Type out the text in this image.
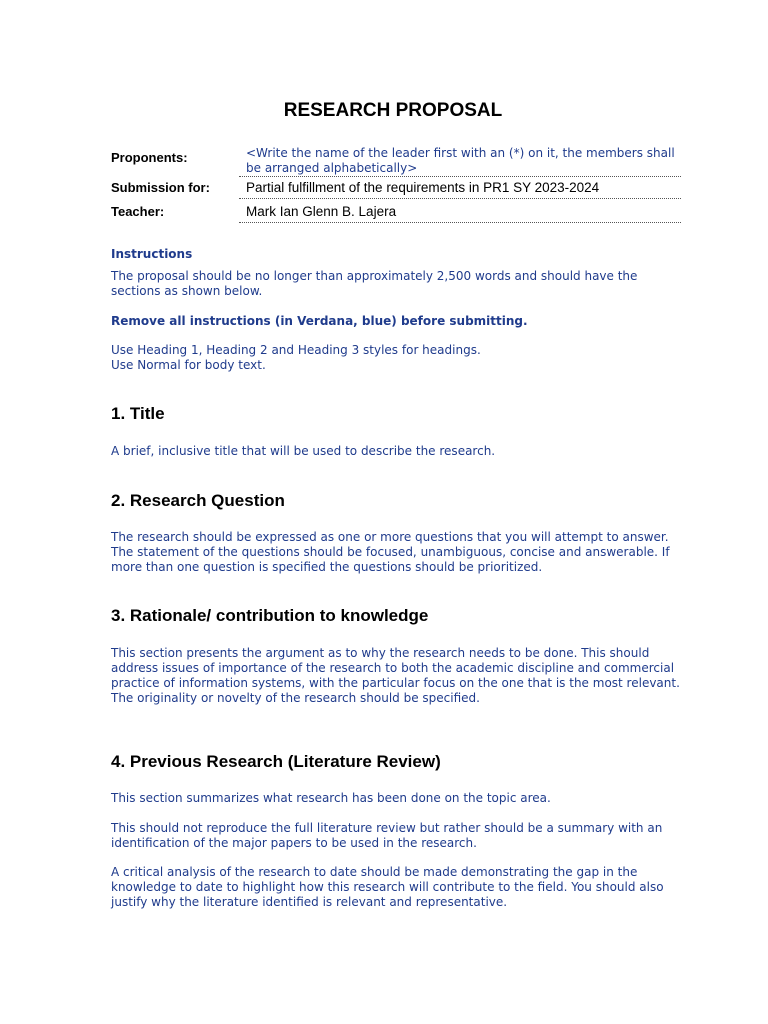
RESEARCH PROPOSAL
Proponents:	<Write the name of the leader first with an (*) on it, the members shall be arranged alphabetically>
Submission for:	Partial fulfillment of the requirements in PR1 SY 2023-2024
Teacher:	Mark Ian Glenn B. Lajera

Instructions

The proposal should be no longer than approximately 2,500 words and should have the sections as shown below.

Remove all instructions (in Verdana, blue) before submitting.

Use Heading 1, Heading 2 and Heading 3 styles for headings.

Use Normal for body text.

1. Title

A brief, inclusive title that will be used to describe the research.

2. Research Question

The research should be expressed as one or more questions that you will attempt to answer. The statement of the questions should be focused, unambiguous, concise and answerable. If more than one question is specified the questions should be prioritized.

3. Rationale/ contribution to knowledge

This section presents the argument as to why the research needs to be done. This should address issues of importance of the research to both the academic discipline and commercial practice of information systems, with the particular focus on the one that is the most relevant. The originality or novelty of the research should be specified.

4. Previous Research (Literature Review)

This section summarizes what research has been done on the topic area.

This should not reproduce the full literature review but rather should be a summary with an identification of the major papers to be used in the research.

A critical analysis of the research to date should be made demonstrating the gap in the knowledge to date to highlight how this research will contribute to the field. You should also justify why the literature identified is relevant and representative.
